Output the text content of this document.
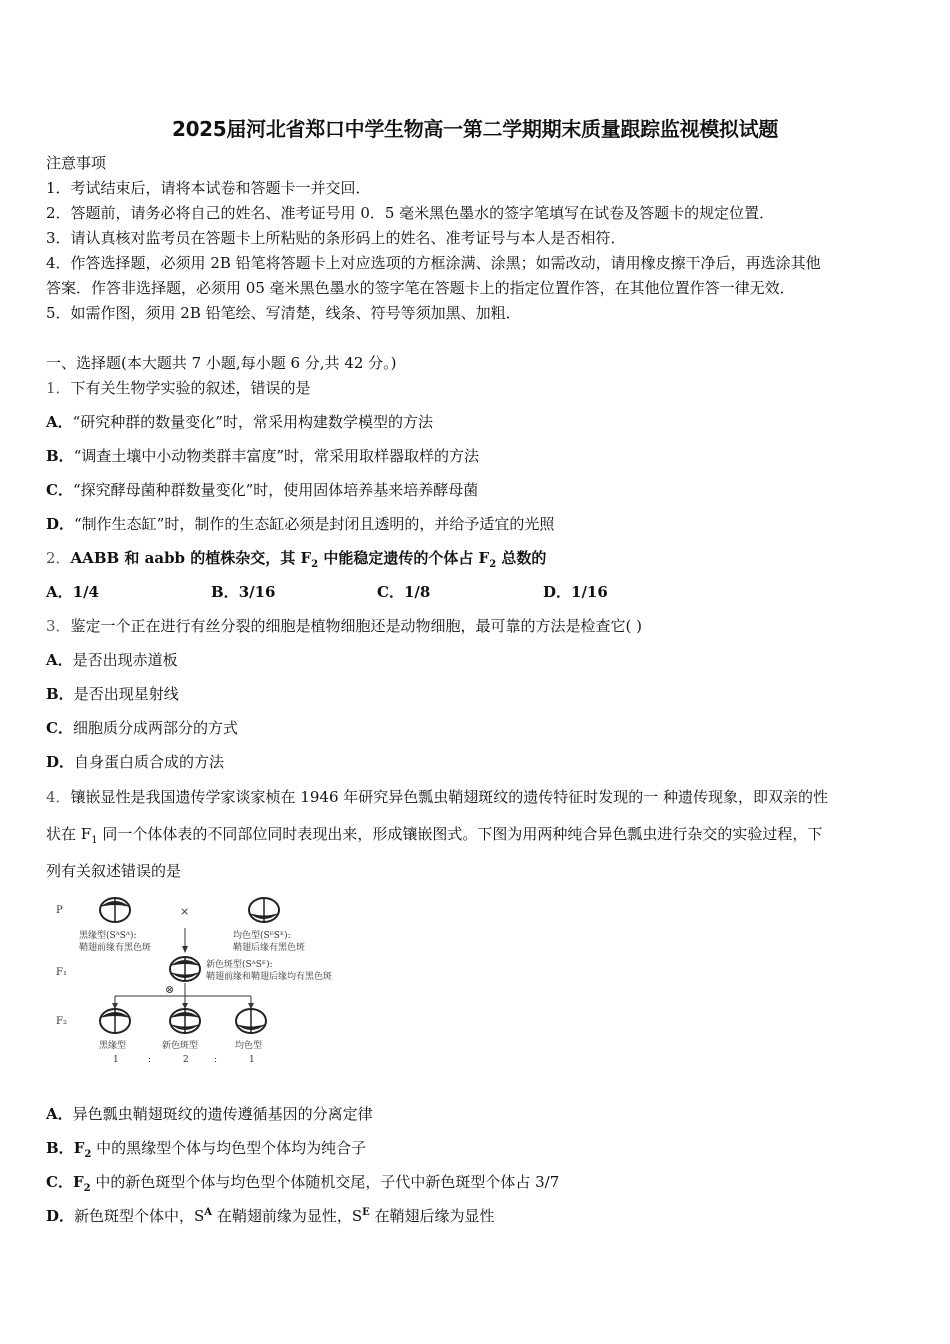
2025届河北省郑口中学生物高一第二学期期末质量跟踪监视模拟试题
注意事项
1．考试结束后，请将本试卷和答题卡一并交回．
2．答题前，请务必将自己的姓名、准考证号用 0．5 毫米黑色墨水的签字笔填写在试卷及答题卡的规定位置．
3．请认真核对监考员在答题卡上所粘贴的条形码上的姓名、准考证号与本人是否相符．
4．作答选择题，必须用 2B 铅笔将答题卡上对应选项的方框涂满、涂黑；如需改动，请用橡皮擦干净后，再选涂其他
答案．作答非选择题，必须用 05 毫米黑色墨水的签字笔在答题卡上的指定位置作答，在其他位置作答一律无效．
5．如需作图，须用 2B 铅笔绘、写清楚，线条、符号等须加黑、加粗．
一、选择题(本大题共 7 小题,每小题 6 分,共 42 分。)
1．下有关生物学实验的叙述，错误的是
A．“研究种群的数量变化”时，常采用构建数学模型的方法
B．“调查土壤中小动物类群丰富度”时，常采用取样器取样的方法
C．“探究酵母菌种群数量变化”时，使用固体培养基来培养酵母菌
D．“制作生态缸”时，制作的生态缸必须是封闭且透明的，并给予适宜的光照
2．AABB 和 aabb 的植株杂交，其 $F_2$ 中能稳定遗传的个体占 $F_2$ 总数的
A．1/4	B．3/16	C．1/8	D．1/16
3．鉴定一个正在进行有丝分裂的细胞是植物细胞还是动物细胞，最可靠的方法是检查它( )
A．是否出现赤道板
B．是否出现星射线
C．细胞质分成两部分的方式
D．自身蛋白质合成的方法
4．镶嵌显性是我国遗传学家谈家桢在 1946 年研究异色瓢虫鞘翅斑纹的遗传特征时发现的一 种遗传现象，即双亲的性
状在 $F_1$ 同一个体体表的不同部位同时表现出来，形成镶嵌图式。下图为用两种纯合异色瓢虫进行杂交的实验过程，下
列有关叙述错误的是
P	×
黑缘型(SᴬSᴬ):
鞘翅前缘有黑色斑
均色型(SᴱSᴱ):
鞘翅后缘有黑色斑
F₁
新色斑型(SᴬSᴱ):
鞘翅前缘和鞘翅后缘均有黑色斑
⊗
F₂
黑缘型	新色斑型	均色型
1	:	2	:	1
A．异色瓢虫鞘翅斑纹的遗传遵循基因的分离定律
B．$F_2$ 中的黑缘型个体与均色型个体均为纯合子
C．$F_2$ 中的新色斑型个体与均色型个体随机交尾，子代中新色斑型个体占 3/7
D．新色斑型个体中，$S^A$ 在鞘翅前缘为显性，$S^E$ 在鞘翅后缘为显性
